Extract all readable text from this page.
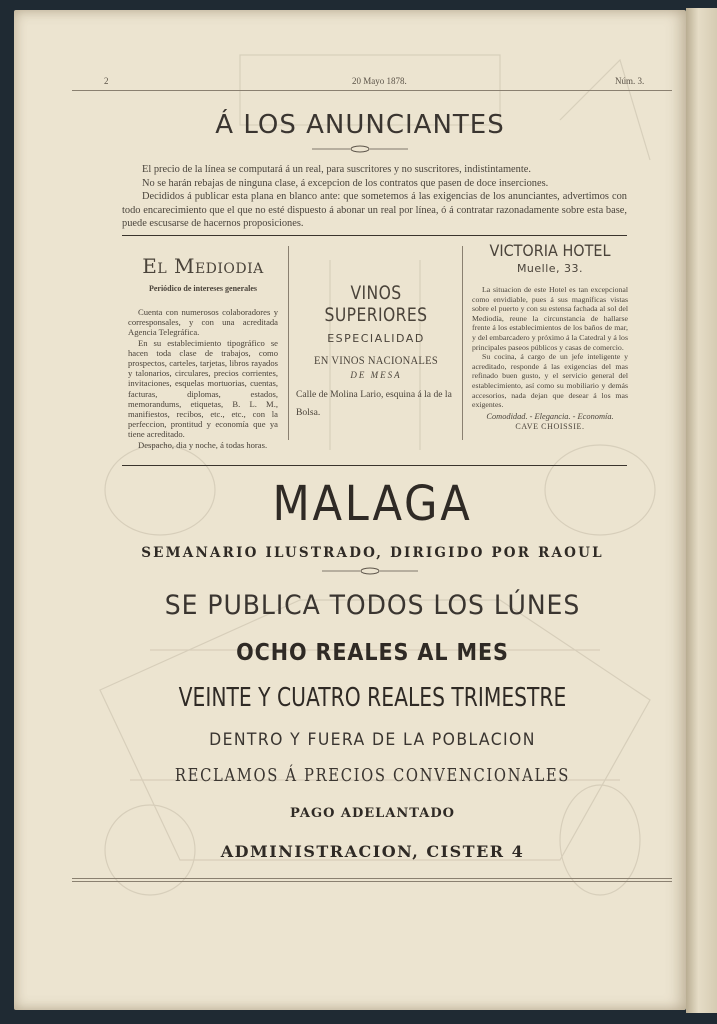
2	20 Mayo 1878.	Núm. 3.
Á LOS ANUNCIANTES

El precio de la línea se computará á un real, para suscritores y no suscritores, indistintamente.

No se harán rebajas de ninguna clase, á excepcion de los contratos que pasen de doce inserciones.

Decididos á publicar esta plana en blanco ante: que sometemos á las exigencias de los anunciantes, advertimos con todo encarecimiento que el que no esté dispuesto á abonar un real por línea, ó á contratar razonadamente sobre esta base, puede escusarse de hacernos proposiciones.

El Mediodia
Periódico de intereses generales

Cuenta con numerosos colaboradores y corresponsales, y con una acreditada Agencia Telegráfica.

En su establecimiento tipográfico se hacen toda clase de trabajos, como prospectos, carteles, tarjetas, libros rayados y talonarios, circulares, precios corrientes, invitaciones, esquelas mortuorias, cuentas, facturas, diplomas, estados, memorandums, etiquetas, B. L. M., manifiestos, recibos, etc., etc., con la perfeccion, prontitud y economía que ya tiene acreditado.

Despacho, dia y noche, á todas horas.

VINOS SUPERIORES
ESPECIALIDAD
EN VINOS NACIONALES
DE MESA
Calle de Molina Lario, esquina á la de la Bolsa.
VICTORIA HOTEL
Muelle, 33.

La situacion de este Hotel es tan excepcional como envidiable, pues á sus magníficas vistas sobre el puerto y con su estensa fachada al sol del Mediodía, reune la circunstancia de hallarse frente á los establecimientos de los baños de mar, y del embarcadero y próximo á la Catedral y á los principales paseos públicos y casas de comercio.

Su cocina, á cargo de un jefe inteligente y acreditado, responde á las exigencias del mas refinado buen gusto, y el servicio general del establecimiento, así como su mobiliario y demás accesorios, nada dejan que desear á los mas exigentes.

Comodidad. - Elegancia. - Economía.
CAVE CHOISSIE.
MALAGA
SEMANARIO ILUSTRADO, DIRIGIDO POR RAOUL
SE PUBLICA TODOS LOS LÚNES
OCHO REALES AL MES
VEINTE Y CUATRO REALES TRIMESTRE
DENTRO Y FUERA DE LA POBLACION
RECLAMOS Á PRECIOS CONVENCIONALES
PAGO ADELANTADO
ADMINISTRACION, CISTER 4
